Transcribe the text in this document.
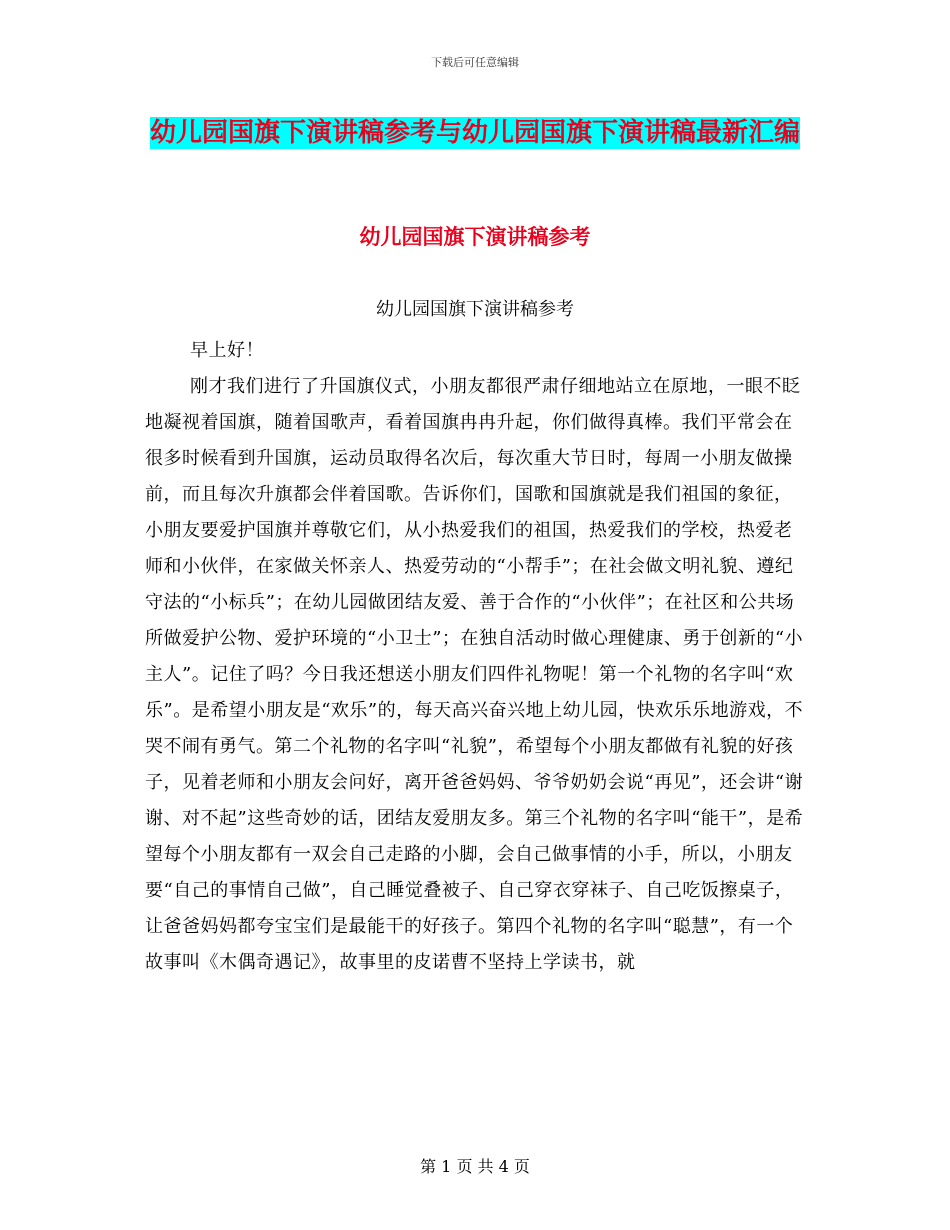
下载后可任意编辑
幼儿园国旗下演讲稿参考与幼儿园国旗下演讲稿最新汇编
幼儿园国旗下演讲稿参考
幼儿园国旗下演讲稿参考

早上好！

刚才我们进行了升国旗仪式，小朋友都很严肃仔细地站立在原地，一眼不眨地凝视着国旗，随着国歌声，看着国旗冉冉升起，你们做得真棒。我们平常会在很多时候看到升国旗，运动员取得名次后，每次重大节日时，每周一小朋友做操前，而且每次升旗都会伴着国歌。告诉你们，国歌和国旗就是我们祖国的象征，小朋友要爱护国旗并尊敬它们，从小热爱我们的祖国，热爱我们的学校，热爱老师和小伙伴，在家做关怀亲人、热爱劳动的“小帮手”；在社会做文明礼貌、遵纪守法的“小标兵”；在幼儿园做团结友爱、善于合作的“小伙伴”；在社区和公共场所做爱护公物、爱护环境的“小卫士”；在独自活动时做心理健康、勇于创新的“小主人”。记住了吗？今日我还想送小朋友们四件礼物呢！第一个礼物的名字叫“欢乐”。是希望小朋友是“欢乐”的，每天高兴奋兴地上幼儿园，快欢乐乐地游戏，不哭不闹有勇气。第二个礼物的名字叫“礼貌”，希望每个小朋友都做有礼貌的好孩子，见着老师和小朋友会问好，离开爸爸妈妈、爷爷奶奶会说“再见”，还会讲“谢谢、对不起”这些奇妙的话，团结友爱朋友多。第三个礼物的名字叫“能干”，是希望每个小朋友都有一双会自己走路的小脚，会自己做事情的小手，所以，小朋友要“自己的事情自己做”，自己睡觉叠被子、自己穿衣穿袜子、自己吃饭擦桌子，让爸爸妈妈都夸宝宝们是最能干的好孩子。第四个礼物的名字叫“聪慧”，有一个故事叫《木偶奇遇记》，故事里的皮诺曹不坚持上学读书，就

第 1 页 共 4 页
